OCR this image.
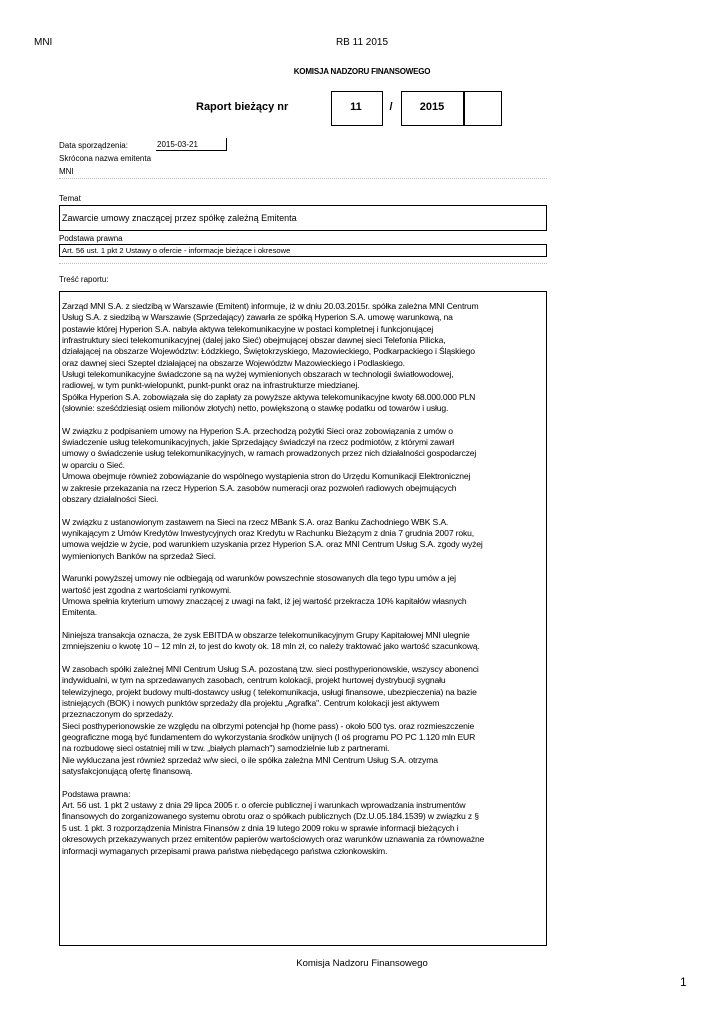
MNI	RB 11 2015
KOMISJA NADZORU FINANSOWEGO
Raport bieżący nr	11	/	2015
Data sporządzenia:	2015-03-21
Skrócona nazwa emitenta
MNI
Temat
Zawarcie umowy znaczącej przez spółkę zależną Emitenta
Podstawa prawna
Art. 56 ust. 1 pkt 2 Ustawy o ofercie - informacje bieżące i okresowe
Treść raportu:

Zarząd MNI S.A. z siedzibą w Warszawie (Emitent) informuje, iż w dniu 20.03.2015r. spółka zależna MNI Centrum
Usług S.A. z siedzibą w Warszawie (Sprzedający) zawarła ze spółką Hyperion S.A. umowę warunkową, na
postawie której Hyperion S.A. nabyła aktywa telekomunikacyjne w postaci kompletnej i funkcjonującej
infrastruktury sieci telekomunikacyjnej (dalej jako Sieć) obejmującej obszar dawnej sieci Telefonia Pilicka,
działającej na obszarze Województw: Łódzkiego, Świętokrzyskiego, Mazowieckiego, Podkarpackiego i Śląskiego
oraz dawnej sieci Szeptel działającej na obszarze Województw Mazowieckiego i Podlaskiego.
Usługi telekomunikacyjne świadczone są na wyżej wymienionych obszarach w technologii światłowodowej,
radiowej, w tym punkt-wielopunkt, punkt-punkt oraz na infrastrukturze miedzianej.
Spółka Hyperion S.A. zobowiązała się do zapłaty za powyższe aktywa telekomunikacyjne kwoty 68.000.000 PLN
(słownie: sześćdziesiąt osiem milionów złotych) netto, powiększoną o stawkę podatku od towarów i usług.

W związku z podpisaniem umowy na Hyperion S.A. przechodzą pożytki Sieci oraz zobowiązania z umów o
świadczenie usług telekomunikacyjnych, jakie Sprzedający świadczył na rzecz podmiotów, z którymi zawarł
umowy o świadczenie usług telekomunikacyjnych, w ramach prowadzonych przez nich działalności gospodarczej
w oparciu o Sieć.
Umowa obejmuje również zobowiązanie do wspólnego wystąpienia stron do Urzędu Komunikacji Elektronicznej
w zakresie przekazania na rzecz Hyperion S.A. zasobów numeracji oraz pozwoleń radiowych obejmujących
obszary działalności Sieci.

W związku z ustanowionym zastawem na Sieci na rzecz MBank S.A. oraz Banku Zachodniego WBK S.A.
wynikającym z Umów Kredytów Inwestycyjnych oraz Kredytu w Rachunku Bieżącym z dnia 7 grudnia 2007 roku,
umowa wejdzie w życie, pod warunkiem uzyskania przez Hyperion S.A. oraz MNI Centrum Usług S.A. zgody wyżej
wymienionych Banków na sprzedaż Sieci.

Warunki powyższej umowy nie odbiegają od warunków powszechnie stosowanych dla tego typu umów a jej
wartość jest zgodna z wartościami rynkowymi.
Umowa spełnia kryterium umowy znaczącej z uwagi na fakt, iż jej wartość przekracza 10% kapitałów własnych
Emitenta.

Niniejsza transakcja oznacza, że zysk EBITDA w obszarze telekomunikacyjnym Grupy Kapitałowej MNI ulegnie
zmniejszeniu o kwotę 10 – 12 mln zł, to jest do kwoty ok. 18 mln zł, co należy traktować jako wartość szacunkową.

W zasobach spółki zależnej MNI Centrum Usług S.A. pozostaną tzw. sieci posthyperionowskie, wszyscy abonenci
indywidualni, w tym na sprzedawanych zasobach, centrum kolokacji, projekt hurtowej dystrybucji sygnału
telewizyjnego, projekt budowy multi-dostawcy usług ( telekomunikacja, usługi finansowe, ubezpieczenia) na bazie
istniejących (BOK) i nowych punktów sprzedaży dla projektu „Agrafka". Centrum kolokacji jest aktywem
przeznaczonym do sprzedaży.
Sieci posthyperionowskie ze względu na olbrzymi potencjał hp (home pass) - około 500 tys. oraz rozmieszczenie
geograficzne mogą być fundamentem do wykorzystania środków unijnych (I oś programu PO PC 1.120 mln EUR
na rozbudowę sieci ostatniej mili w tzw. „białych plamach") samodzielnie lub z partnerami.
Nie wykluczana jest również sprzedaż w/w sieci, o ile spółka zależna MNI Centrum Usług S.A. otrzyma
satysfakcjonującą ofertę finansową.

Podstawa prawna:
Art. 56 ust. 1 pkt 2 ustawy z dnia 29 lipca 2005 r. o ofercie publicznej i warunkach wprowadzania instrumentów
finansowych do zorganizowanego systemu obrotu oraz o spółkach publicznych (Dz.U.05.184.1539) w związku z §
5 ust. 1 pkt. 3 rozporządzenia Ministra Finansów z dnia 19 lutego 2009 roku w sprawie informacji bieżących i
okresowych przekazywanych przez emitentów papierów wartościowych oraz warunków uznawania za równoważne
informacji wymaganych przepisami prawa państwa niebędącego państwa członkowskim.

Komisja Nadzoru Finansowego
1
